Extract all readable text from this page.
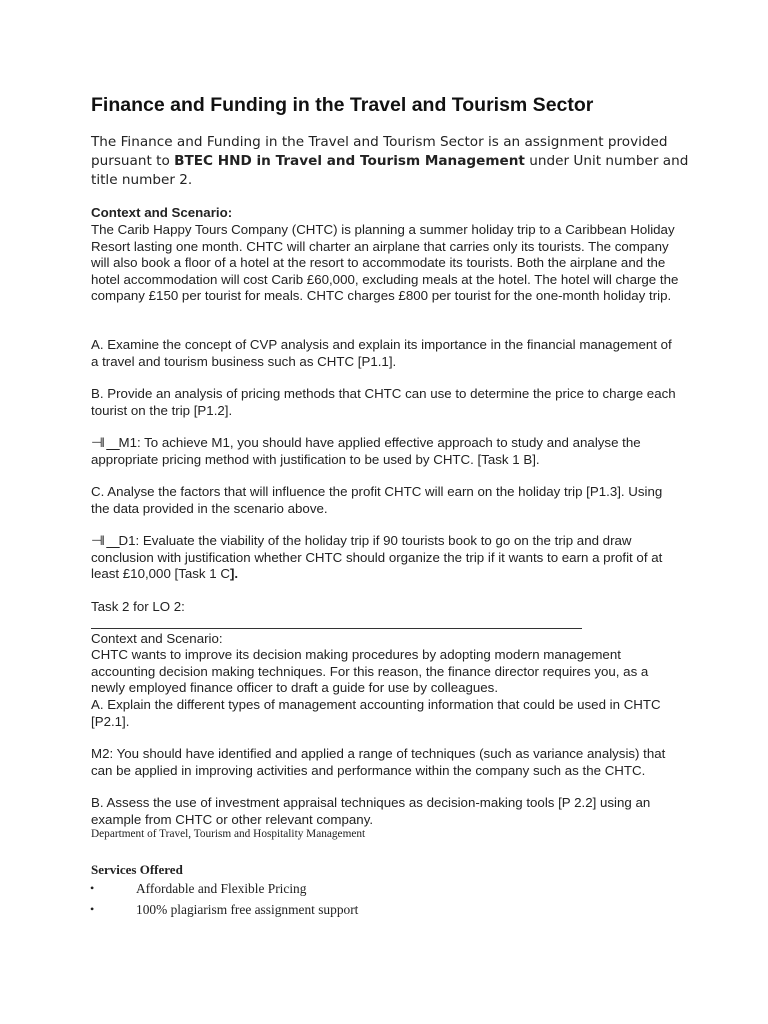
Finance and Funding in the Travel and Tourism Sector

The Finance and Funding in the Travel and Tourism Sector is an assignment provided pursuant to BTEC HND in Travel and Tourism Management under Unit number and title number 2.

Context and Scenario:
The Carib Happy Tours Company (CHTC) is planning a summer holiday trip to a Caribbean Holiday Resort lasting one month. CHTC will charter an airplane that carries only its tourists. The company will also book a floor of a hotel at the resort to accommodate its tourists. Both the airplane and the hotel accommodation will cost Carib £60,000, excluding meals at the hotel. The hotel will charge the company £150 per tourist for meals. CHTC charges £800 per tourist for the one-month holiday trip.
A. Examine the concept of CVP analysis and explain its importance in the financial management of a travel and tourism business such as CHTC [P1.1].
B. Provide an analysis of pricing methods that CHTC can use to determine the price to charge each tourist on the trip [P1.2].
⊣l ⎽M1: To achieve M1, you should have applied effective approach to study and analyse the appropriate pricing method with justification to be used by CHTC. [Task 1 B].
C. Analyse the factors that will influence the profit CHTC will earn on the holiday trip [P1.3]. Using the data provided in the scenario above.
⊣l ⎽D1: Evaluate the viability of the holiday trip if 90 tourists book to go on the trip and draw conclusion with justification whether CHTC should organize the trip if it wants to earn a profit of at least £10,000 [Task 1 C].
Task 2 for LO 2:
Context and Scenario:
CHTC wants to improve its decision making procedures by adopting modern management accounting decision making techniques. For this reason, the finance director requires you, as a newly employed finance officer to draft a guide for use by colleagues.
A. Explain the different types of management accounting information that could be used in CHTC [P2.1].
M2: You should have identified and applied a range of techniques (such as variance analysis) that can be applied in improving activities and performance within the company such as the CHTC.
B. Assess the use of investment appraisal techniques as decision-making tools [P 2.2] using an example from CHTC or other relevant company.
Department of Travel, Tourism and Hospitality Management
Services Offered
•	Affordable and Flexible Pricing
•	100% plagiarism free assignment support
